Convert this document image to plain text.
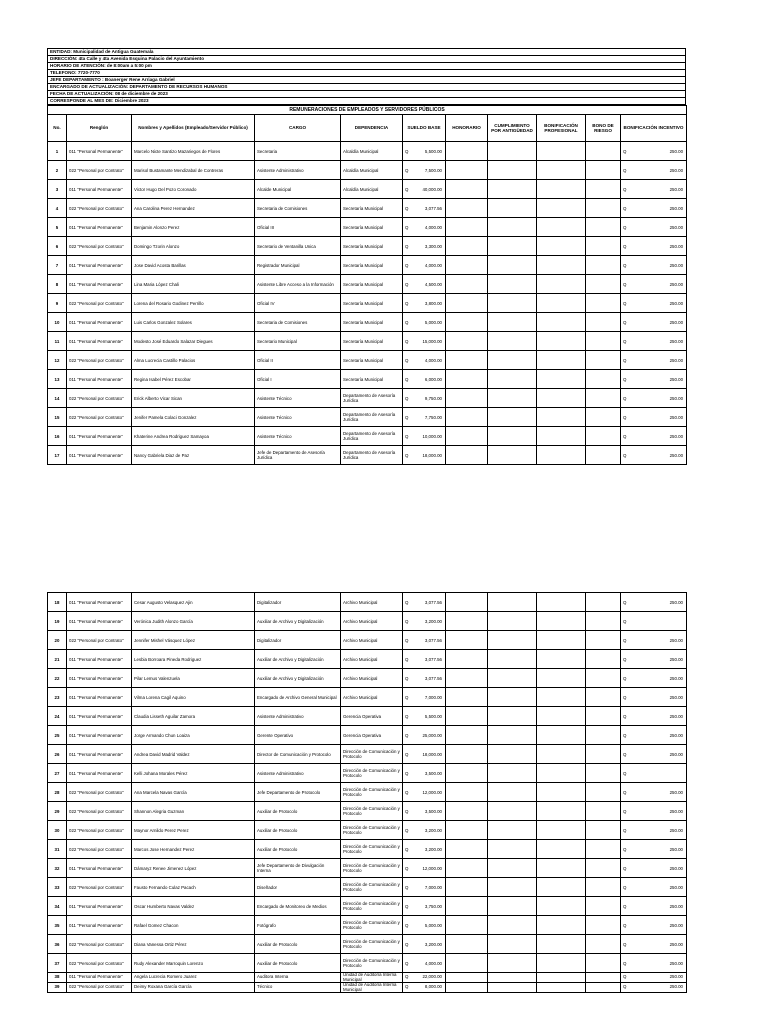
ENTIDAD: Municipalidad de Antigua Guatemala
DIRECCIÓN: 4ta Calle y 4ta Avenida Esquina Palacio del Ayuntamiento
HORARIO DE ATENCIÓN: de 8:00am a 5:00 pm
TELEFONO: 7720-7770
JEFE DEPARTAMENTO : Boanerger Rene Arriaga Gabriel
ENCARGADO DE ACTUALIZACIÓN: DEPARTAMENTO DE RECURSOS HUMANOS
FECHA DE ACTUALIZACIÓN: 08 de diciembre de 2023
CORRESPONDE AL MES DE: Diciembre 2023
REMUNERACIONES DE EMPLEADOS Y SERVIDORES PÚBLICOS												
No.	Renglón	Nombres y Apellidos (Empleado/Servidor Público)	CARGO	DEPENDENCIA	SUELDO BASE		HONORARIO	CUMPLIMIENTO POR ANTIGÜEDAD	BONIFICACIÓN PROFESIONAL	BONO DE RIESGO	BONIFICACIÓN INCENTIVO	
1	011 "Personal Permanente"	Marcelo Nicte Santizo Mazariegos de Flores	Secretaria	Alcaldía Municipal	Q	5,500.00					Q	250.00
2	022 "Personal por Contrato"	Marisol Bustamante Mendizabal de Contreras	Asistente Administrativo	Alcaldía Municipal	Q	7,500.00					Q	250.00
3	011 "Personal Permanente"	Victor Hugo Del Pozo Coronado	Alcalde Municipal	Alcaldía Municipal	Q	40,000.00					Q	250.00
4	022 "Personal por Contrato"	Ana Carolina Perez Hernandez	Secretaria de Comisiones	Secretaría Municipal	Q	3,077.56					Q	250.00
5	011 "Personal Permanente"	Benjamin Alonzo Perez	Oficial III	Secretaría Municipal	Q	4,000.00					Q	250.00
6	022 "Personal por Contrato"	Domingo Tzorin Alonzo	Secretario de Ventanilla Unica	Secretaría Municipal	Q	3,300.00					Q	250.00
7	011 "Personal Permanente"	Jose David Acosta Barillas	Registrador Municipal	Secretaría Municipal	Q	4,000.00					Q	250.00
8	011 "Personal Permanente"	Lina Maria López Chali	Asistente Libre Acceso a la Información	Secretaría Municipal	Q	4,500.00					Q	250.00
9	022 "Personal por Contrato"	Lorena del Rosario Godinez Perrillo	Oficial IV	Secretaría Municipal	Q	3,800.00					Q	250.00
10	011 "Personal Permanente"	Luis Carlos Gonzalez Solares	Secretaria de Comisiones	Secretaría Municipal	Q	5,000.00					Q	250.00
11	011 "Personal Permanente"	Modesto José Eduardo Salazar Diegues	Secretario Municipal	Secretaría Municipal	Q	15,000.00					Q	250.00
12	022 "Personal por Contrato"	Alma Lucrecia Castillo Palacios	Oficial II	Secretaría Municipal	Q	4,000.00					Q	250.00
13	011 "Personal Permanente"	Regina Isabel Pérez Escobar	Oficial I	Secretaría Municipal	Q	6,000.00					Q	250.00
14	022 "Personal por Contrato"	Erick Alberto Vicar Sican	Asistente Técnico	Departamento de Asesoría Jurídica	Q	9,750.00					Q	250.00
15	022 "Personal por Contrato"	Jenifer Pamela Colaci Gonzalez	Asistente Técnico	Departamento de Asesoría Jurídica	Q	7,750.00					Q	250.00
16	011 "Personal Permanente"	Khaterine Andrea Rodriguez Samayoa	Asistente Técnico	Departamento de Asesoría Jurídica	Q	10,000.00					Q	250.00
17	011 "Personal Permanente"	Nancy Gabriela Diaz de Paz	Jefe de Departamento de Asesoría Jurídica	Departamento de Asesoría Jurídica	Q	18,000.00					Q	250.00
18	011 "Personal Permanente"	Cesar Augusto Velasquez Ajin	Digitalizador	Archivo Municipal	Q	3,077.56					Q	250.00
19	011 "Personal Permanente"	Verónica Judith Alonzo García	Auxiliar de Archivo y Digitalización	Archivo Municipal	Q	3,200.00					Q	
20	022 "Personal por Contrato"	Jennifer Mishel Vásquez López	Digitalizador	Archivo Municipal	Q	3,077.56					Q	250.00
21	011 "Personal Permanente"	Lesbia Borroara Pineda Rodriguez	Auxiliar de Archivo y Digitalización	Archivo Municipal	Q	3,077.56					Q	250.00
22	011 "Personal Permanente"	Pilar Lemus Valenzuela	Auxiliar de Archivo y Digitalización	Archivo Municipal	Q	3,077.56					Q	250.00
23	011 "Personal Permanente"	Vilma Lorena Cagil Aquino	Encargado de Archivo General Municipal	Archivo Municipal	Q	7,000.00					Q	250.00
24	011 "Personal Permanente"	Claudia Lisseth Aguilar Zamora	Asistente Administrativo	Gerencia Operativa	Q	5,500.00					Q	250.00
25	011 "Personal Permanente"	Jorge Armando Chun Loaiza	Gerente Operativo	Gerencia Operativa	Q	25,000.00					Q	250.00
26	011 "Personal Permanente"	Andrea David Madrid Valdez	Director de Comunicación y Protocolo	Dirección de Comunicación y Protocolo	Q	18,000.00					Q	250.00
27	011 "Personal Permanente"	Kelli Johana Morales Pérez	Asistente Administrativo	Dirección de Comunicación y Protocolo	Q	3,500.00					Q	
28	022 "Personal por Contrato"	Ana Marcela Navas García	Jefe Departamento de Protocolo	Dirección de Comunicación y Protocolo	Q	12,000.00					Q	250.00
29	022 "Personal por Contrato"	Shannon Alegria Guzman	Auxiliar de Protocolo	Dirección de Comunicación y Protocolo	Q	3,500.00					Q	250.00
30	022 "Personal por Contrato"	Maynor Arnildo Perez Perez	Auxiliar de Protocolo	Dirección de Comunicación y Protocolo	Q	3,200.00					Q	250.00
31	022 "Personal por Contrato"	Marcos Jose Hernandez Perez	Auxiliar de Protocolo	Dirección de Comunicación y Protocolo	Q	3,200.00					Q	250.00
32	011 "Personal Permanente"	Dámaryz Renee Jimenez López	Jefe Departamento de Divulgación Interna	Dirección de Comunicación y Protocolo	Q	12,000.00					Q	250.00
33	022 "Personal por Contrato"	Fausto Fernando Culaz Pacach	Diseñador	Dirección de Comunicación y Protocolo	Q	7,000.00					Q	250.00
34	011 "Personal Permanente"	Oscar Humberto Navas Valdez	Encargado de Monitoreo de Medios	Dirección de Comunicación y Protocolo	Q	3,750.00					Q	250.00
35	011 "Personal Permanente"	Rafael Gomez Chacon	Fotógrafo	Dirección de Comunicación y Protocolo	Q	5,000.00					Q	250.00
36	022 "Personal por Contrato"	Diana Vanessa Ortiz Pérez	Auxiliar de Protocolo	Dirección de Comunicación y Protocolo	Q	3,200.00					Q	250.00
37	022 "Personal por Contrato"	Rudy Alexander Marroquin Lorenzo	Auxiliar de Protocolo	Dirección de Comunicación y Protocolo	Q	4,000.00					Q	250.00
38	011 "Personal Permanente"	Angela Lucrecia Romero Juarez	Auditora Interna	Unidad de Auditoría Interna Municipal	Q	22,000.00					Q	250.00
39	022 "Personal por Contrato"	Deimy Roxana García García	Técnico	Unidad de Auditoría Interna Municipal	Q	8,000.00					Q	250.00
